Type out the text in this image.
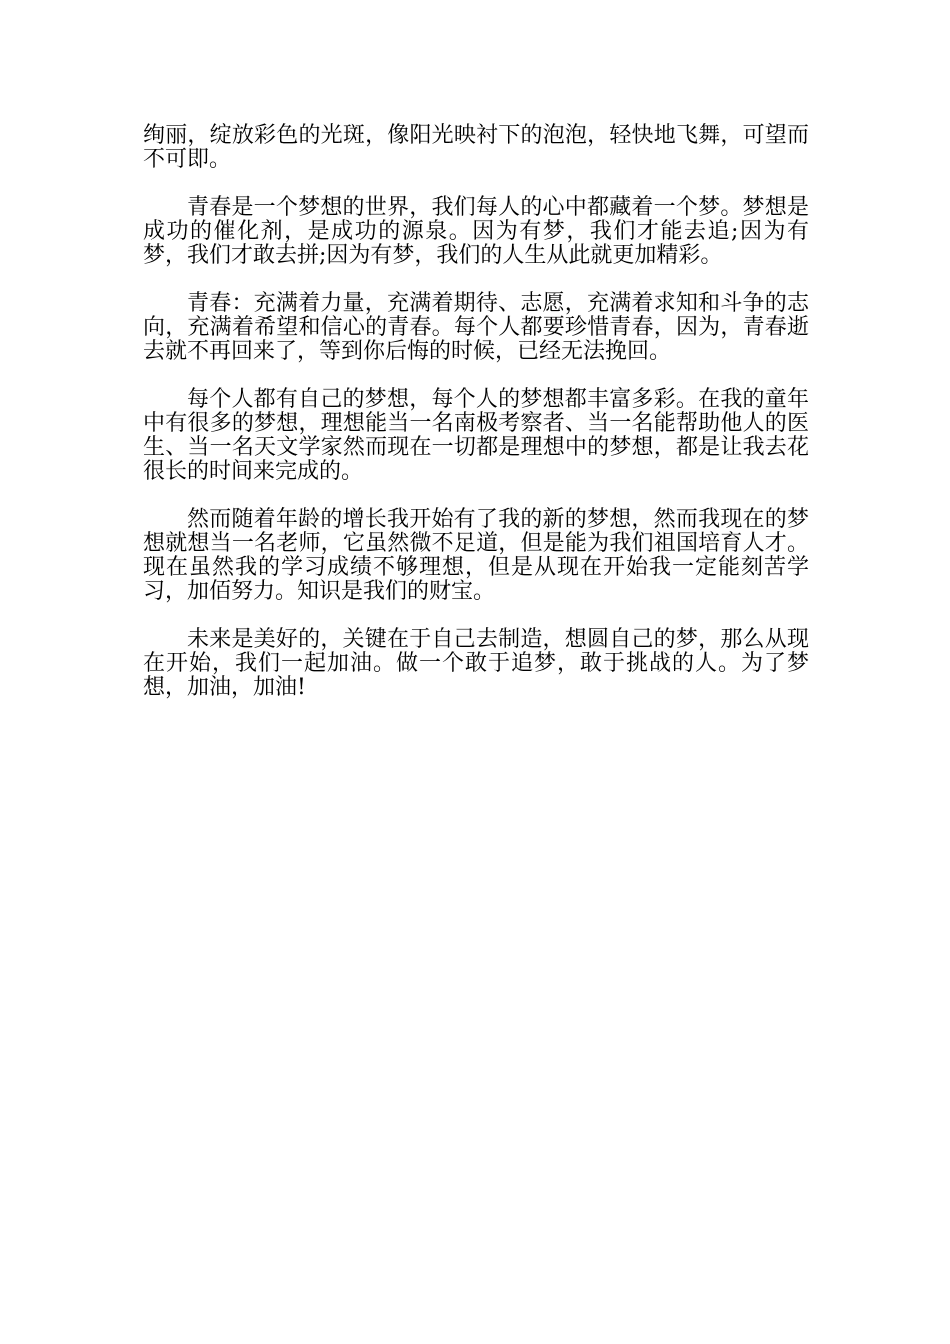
绚丽，绽放彩色的光斑，像阳光映衬下的泡泡，轻快地飞舞，可望而不可即。

青春是一个梦想的世界，我们每人的心中都藏着一个梦。梦想是成功的催化剂，是成功的源泉。因为有梦，我们才能去追;因为有梦，我们才敢去拼;因为有梦，我们的人生从此就更加精彩。

青春：充满着力量，充满着期待、志愿，充满着求知和斗争的志向，充满着希望和信心的青春。每个人都要珍惜青春，因为，青春逝去就不再回来了，等到你后悔的时候，已经无法挽回。

每个人都有自己的梦想，每个人的梦想都丰富多彩。在我的童年中有很多的梦想，理想能当一名南极考察者、当一名能帮助他人的医生、当一名天文学家然而现在一切都是理想中的梦想，都是让我去花很长的时间来完成的。

然而随着年龄的增长我开始有了我的新的梦想，然而我现在的梦想就想当一名老师，它虽然微不足道，但是能为我们祖国培育人才。现在虽然我的学习成绩不够理想，但是从现在开始我一定能刻苦学习，加佰努力。知识是我们的财宝。

未来是美好的，关键在于自己去制造，想圆自己的梦，那么从现在开始，我们一起加油。做一个敢于追梦，敢于挑战的人。为了梦想，加油，加油!
